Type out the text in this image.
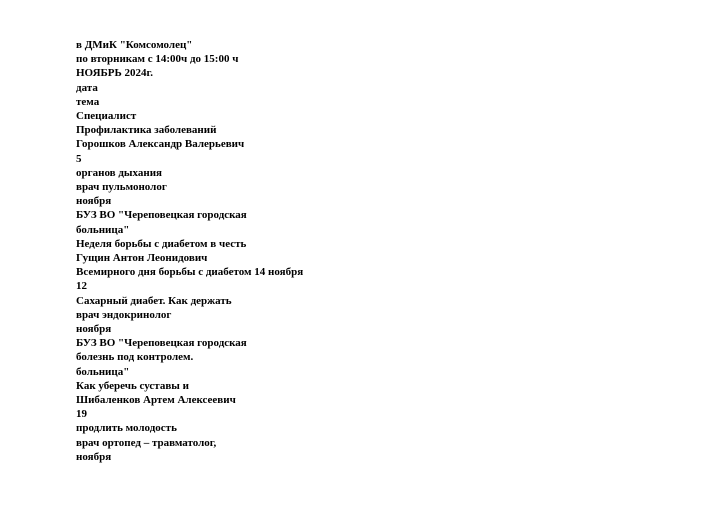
в ДМиК "Комсомолец"

по вторникам с 14:00ч до 15:00 ч

НОЯБРЬ 2024г.

дата

тема

Специалист

Профилактика заболеваний

Горошков Александр Валерьевич

5

органов дыхания

врач пульмонолог

ноября

БУЗ ВО "Череповецкая городская

больница"

Неделя борьбы с диабетом в честь

Гущин Антон Леонидович

Всемирного дня борьбы с диабетом 14 ноября

12

Сахарный диабет. Как держать

врач эндокринолог

ноября

БУЗ ВО "Череповецкая городская

болезнь под контролем.

больница"

Как уберечь суставы и

Шибаленков Артем Алексеевич

19

продлить молодость

врач ортопед – травматолог,

ноября
